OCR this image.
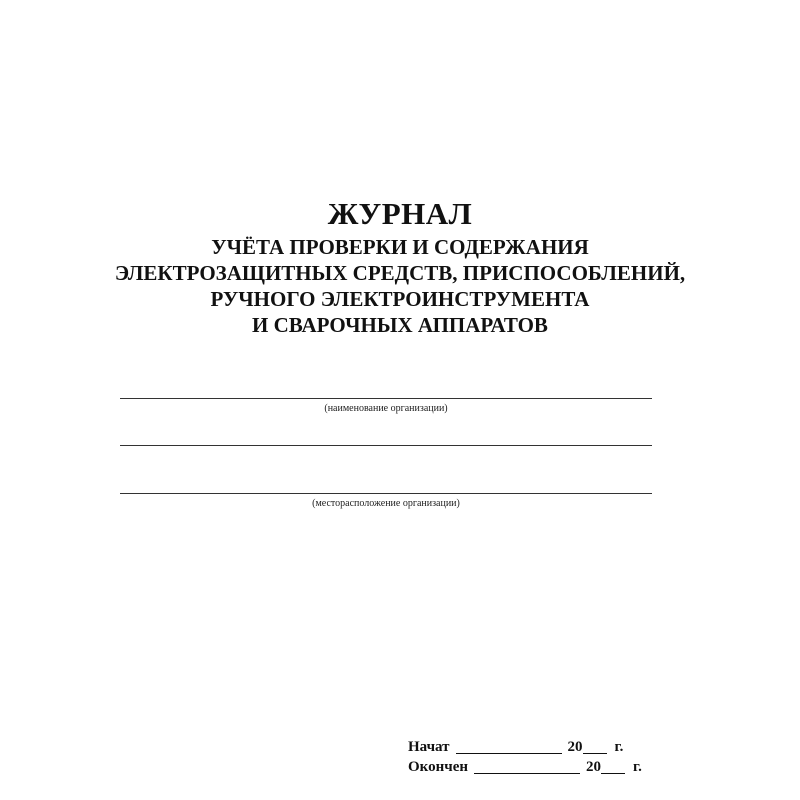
ЖУРНАЛ
УЧЁТА ПРОВЕРКИ И СОДЕРЖАНИЯ
ЭЛЕКТРОЗАЩИТНЫХ СРЕДСТВ, ПРИСПОСОБЛЕНИЙ,
РУЧНОГО ЭЛЕКТРОИНСТРУМЕНТА
И СВАРОЧНЫХ АППАРАТОВ
(наименование организации)
(месторасположение организации)
Начат	20 г.
Окончен	20 г.
